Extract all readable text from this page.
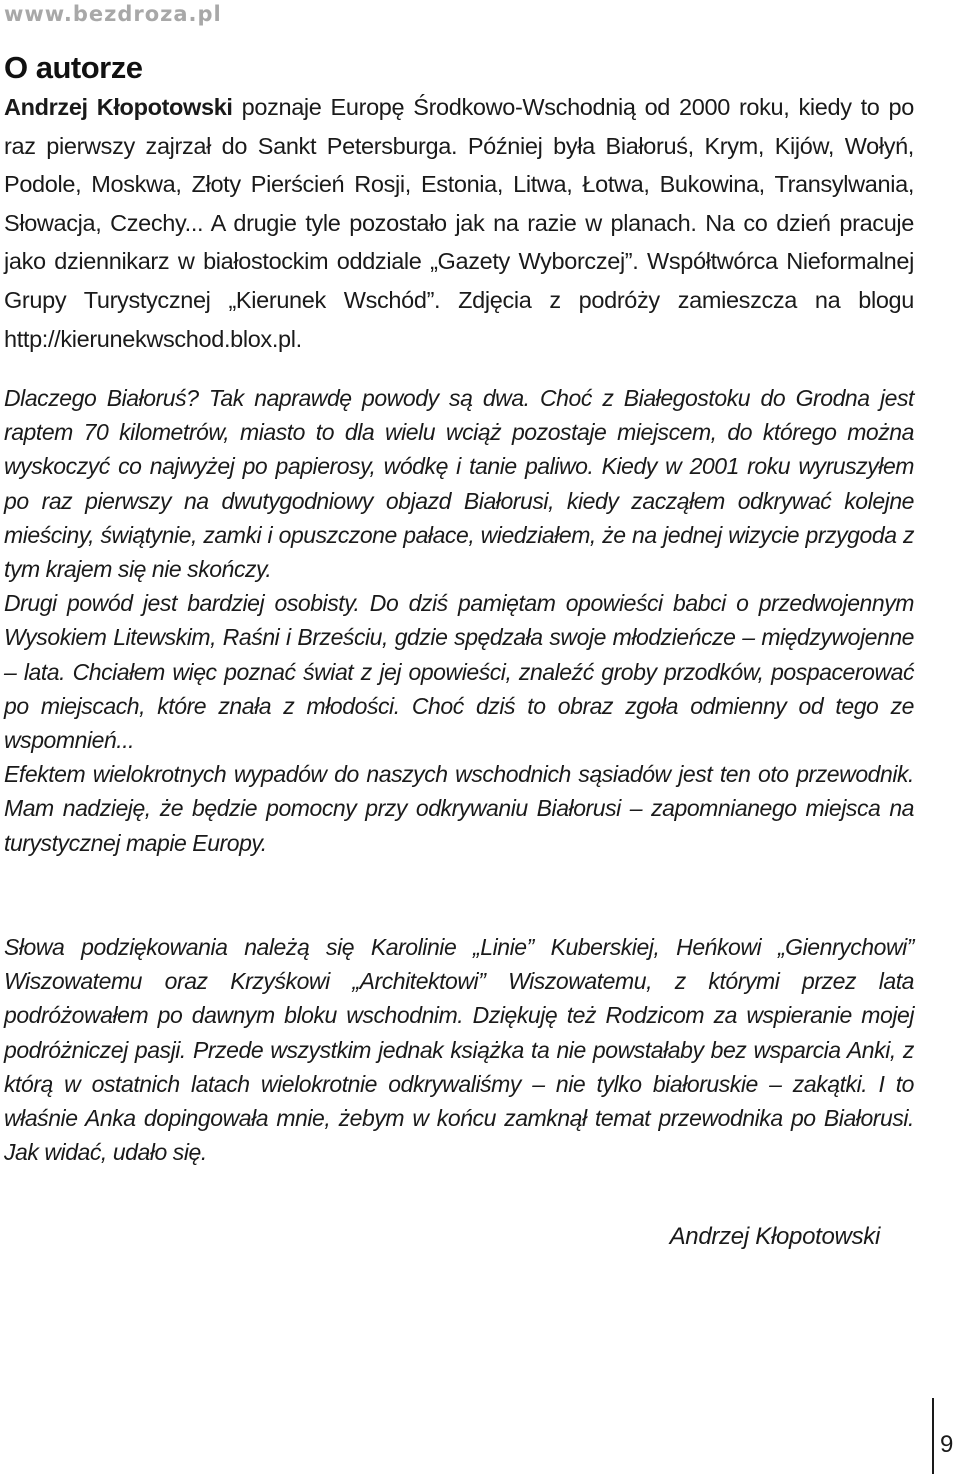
www.bezdroza.pl
O autorze

Andrzej Kłopotowski poznaje Europę Środkowo-Wschodnią od 2000 roku, kiedy to po raz pierwszy zajrzał do Sankt Petersburga. Później była Białoruś, Krym, Kijów, Wołyń, Podole, Moskwa, Złoty Pierścień Rosji, Estonia, Litwa, Łotwa, Bukowina, Transylwania, Słowacja, Czechy... A drugie tyle pozostało jak na razie w planach. Na co dzień pracuje jako dziennikarz w białostockim oddziale „Gazety Wyborczej”. Współtwórca Nieformalnej Grupy Turystycznej „Kierunek Wschód”. Zdjęcia z podróży zamieszcza na blogu http://kierunekwschod.blox.pl.

Dlaczego Białoruś? Tak naprawdę powody są dwa. Choć z Białegostoku do Grodna jest raptem 70 kilometrów, miasto to dla wielu wciąż pozostaje miejscem, do którego można wyskoczyć co najwyżej po papierosy, wódkę i tanie paliwo. Kiedy w 2001 roku wyruszyłem po raz pierwszy na dwutygodniowy objazd Białorusi, kiedy zacząłem odkrywać kolejne mieściny, świątynie, zamki i opuszczone pałace, wiedziałem, że na jednej wizycie przygoda z tym krajem się nie skończy.

Drugi powód jest bardziej osobisty. Do dziś pamiętam opowieści babci o przedwojennym Wysokiem Litewskim, Raśni i Brześciu, gdzie spędzała swoje młodzieńcze – międzywojenne – lata. Chciałem więc poznać świat z jej opowieści, znaleźć groby przodków, pospacerować po miejscach, które znała z młodości. Choć dziś to obraz zgoła odmienny od tego ze wspomnień...

Efektem wielokrotnych wypadów do naszych wschodnich sąsiadów jest ten oto przewodnik. Mam nadzieję, że będzie pomocny przy odkrywaniu Białorusi – zapomnianego miejsca na turystycznej mapie Europy.

Słowa podziękowania należą się Karolinie „Linie” Kuberskiej, Heńkowi „Gienrychowi” Wiszowatemu oraz Krzyśkowi „Architektowi” Wiszowatemu, z którymi przez lata podróżowałem po dawnym bloku wschodnim. Dziękuję też Rodzicom za wspieranie mojej podróżniczej pasji. Przede wszystkim jednak książka ta nie powstałaby bez wsparcia Anki, z którą w ostatnich latach wielokrotnie odkrywaliśmy – nie tylko białoruskie – zakątki. I to właśnie Anka dopingowała mnie, żebym w końcu zamknął temat przewodnika po Białorusi. Jak widać, udało się.

Andrzej Kłopotowski

9
